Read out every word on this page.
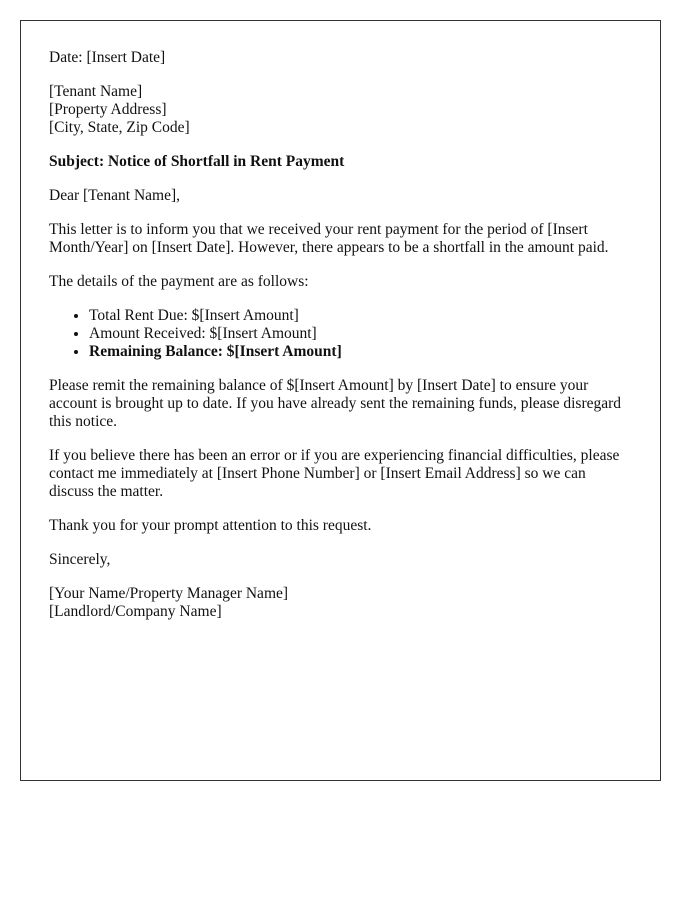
Date: [Insert Date]

[Tenant Name]
[Property Address]
[City, State, Zip Code]

Subject: Notice of Shortfall in Rent Payment

Dear [Tenant Name],

This letter is to inform you that we received your rent payment for the period of [Insert Month/Year] on [Insert Date]. However, there appears to be a shortfall in the amount paid.

The details of the payment are as follows:

• Total Rent Due: $[Insert Amount]
• Amount Received: $[Insert Amount]
• Remaining Balance: $[Insert Amount]

Please remit the remaining balance of $[Insert Amount] by [Insert Date] to ensure your account is brought up to date. If you have already sent the remaining funds, please disregard this notice.

If you believe there has been an error or if you are experiencing financial difficulties, please contact me immediately at [Insert Phone Number] or [Insert Email Address] so we can discuss the matter.

Thank you for your prompt attention to this request.

Sincerely,

[Your Name/Property Manager Name]
[Landlord/Company Name]
